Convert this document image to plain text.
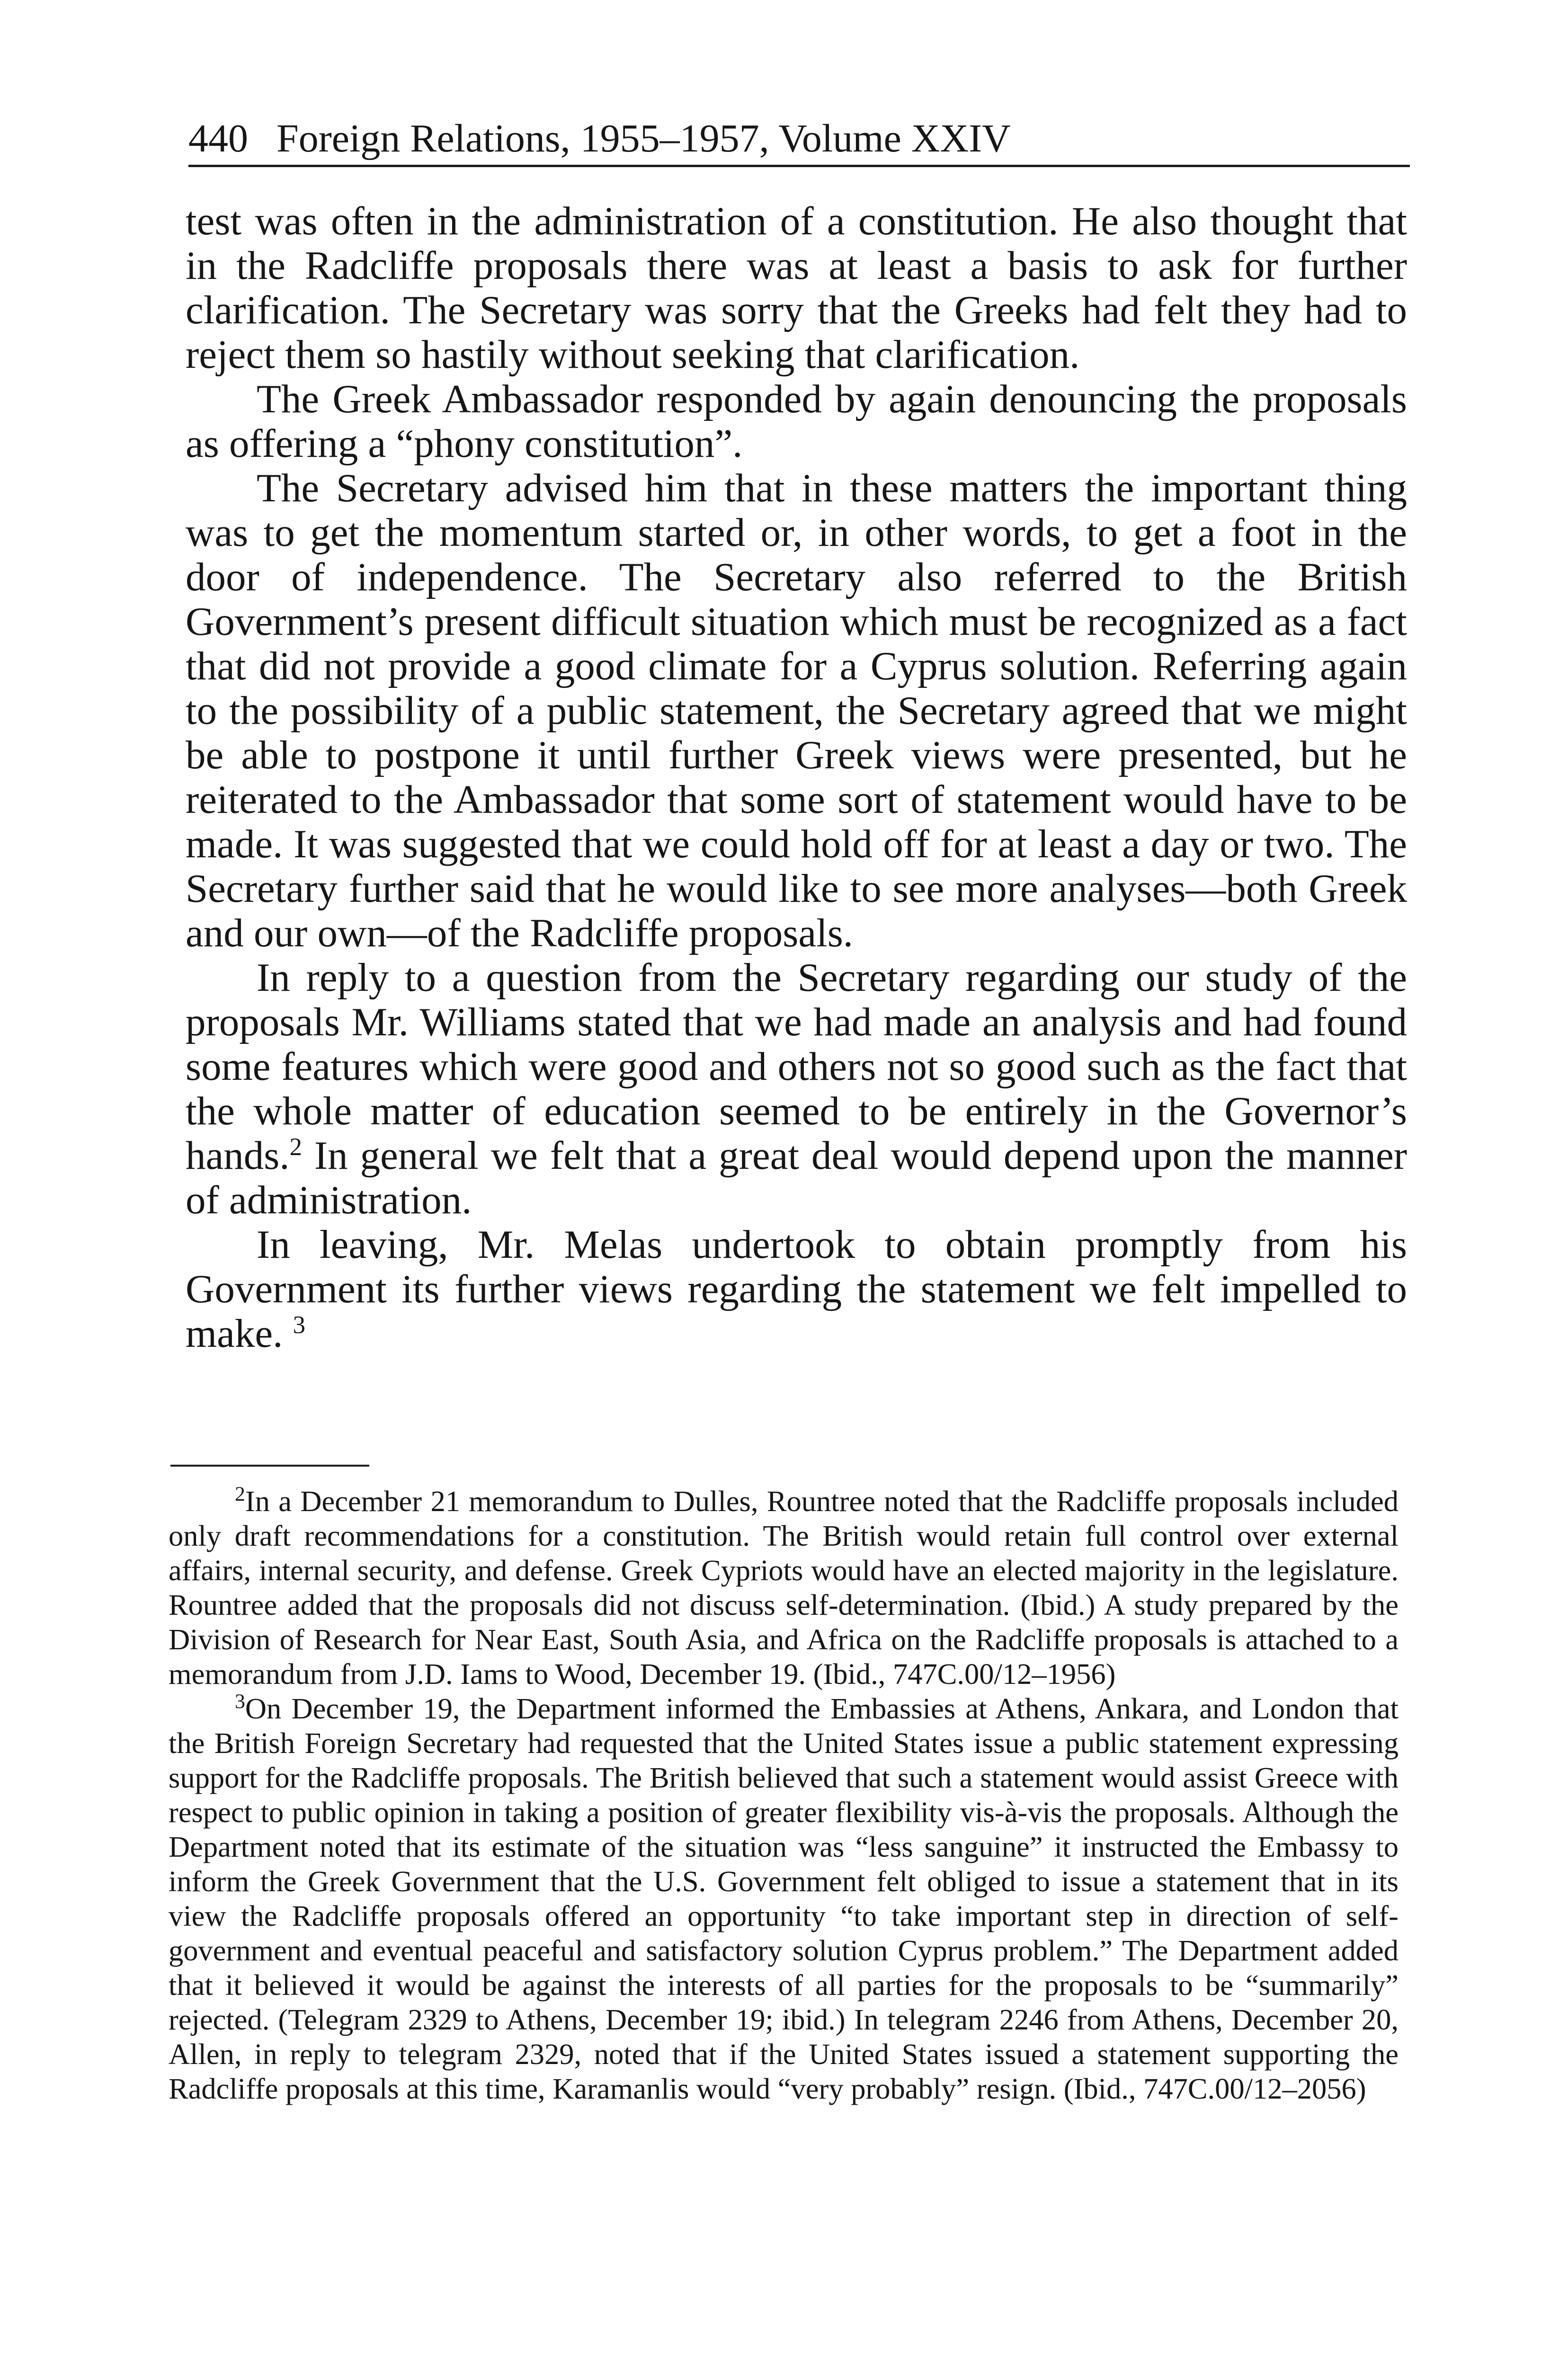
440 Foreign Relations, 1955–1957, Volume XXIV

test was often in the administration of a constitution. He also thought that in the Radcliffe proposals there was at least a basis to ask for further clarification. The Secretary was sorry that the Greeks had felt they had to reject them so hastily without seeking that clarification.

The Greek Ambassador responded by again denouncing the proposals as offering a “phony constitution”.

The Secretary advised him that in these matters the important thing was to get the momentum started or, in other words, to get a foot in the door of independence. The Secretary also referred to the British Government’s present difficult situation which must be recognized as a fact that did not provide a good climate for a Cyprus solution. Referring again to the possibility of a public statement, the Secretary agreed that we might be able to postpone it until further Greek views were presented, but he reiterated to the Ambassador that some sort of statement would have to be made. It was suggested that we could hold off for at least a day or two. The Secretary further said that he would like to see more analyses—both Greek and our own—of the Radcliffe proposals.

In reply to a question from the Secretary regarding our study of the proposals Mr. Williams stated that we had made an analysis and had found some features which were good and others not so good such as the fact that the whole matter of education seemed to be entirely in the Governor’s hands.$^2$ In general we felt that a great deal would depend upon the manner of administration.

In leaving, Mr. Melas undertook to obtain promptly from his Government its further views regarding the statement we felt impelled to make. $^3$

$^2$In a December 21 memorandum to Dulles, Rountree noted that the Radcliffe proposals included only draft recommendations for a constitution. The British would retain full control over external affairs, internal security, and defense. Greek Cypriots would have an elected majority in the legislature. Rountree added that the proposals did not discuss self-determination. (Ibid.) A study prepared by the Division of Research for Near East, South Asia, and Africa on the Radcliffe proposals is attached to a memorandum from J.D. Iams to Wood, December 19. (Ibid., 747C.00/12–1956)

$^3$On December 19, the Department informed the Embassies at Athens, Ankara, and London that the British Foreign Secretary had requested that the United States issue a public statement expressing support for the Radcliffe proposals. The British believed that such a statement would assist Greece with respect to public opinion in taking a position of greater flexibility vis-à-vis the proposals. Although the Department noted that its estimate of the situation was “less sanguine” it instructed the Embassy to inform the Greek Government that the U.S. Government felt obliged to issue a statement that in its view the Radcliffe proposals offered an opportunity “to take important step in direction of self-government and eventual peaceful and satisfactory solution Cyprus problem.” The Department added that it believed it would be against the interests of all parties for the proposals to be “summarily” rejected. (Telegram 2329 to Athens, December 19; ibid.) In telegram 2246 from Athens, December 20, Allen, in reply to telegram 2329, noted that if the United States issued a statement supporting the Radcliffe proposals at this time, Karamanlis would “very probably” resign. (Ibid., 747C.00/12–2056)
